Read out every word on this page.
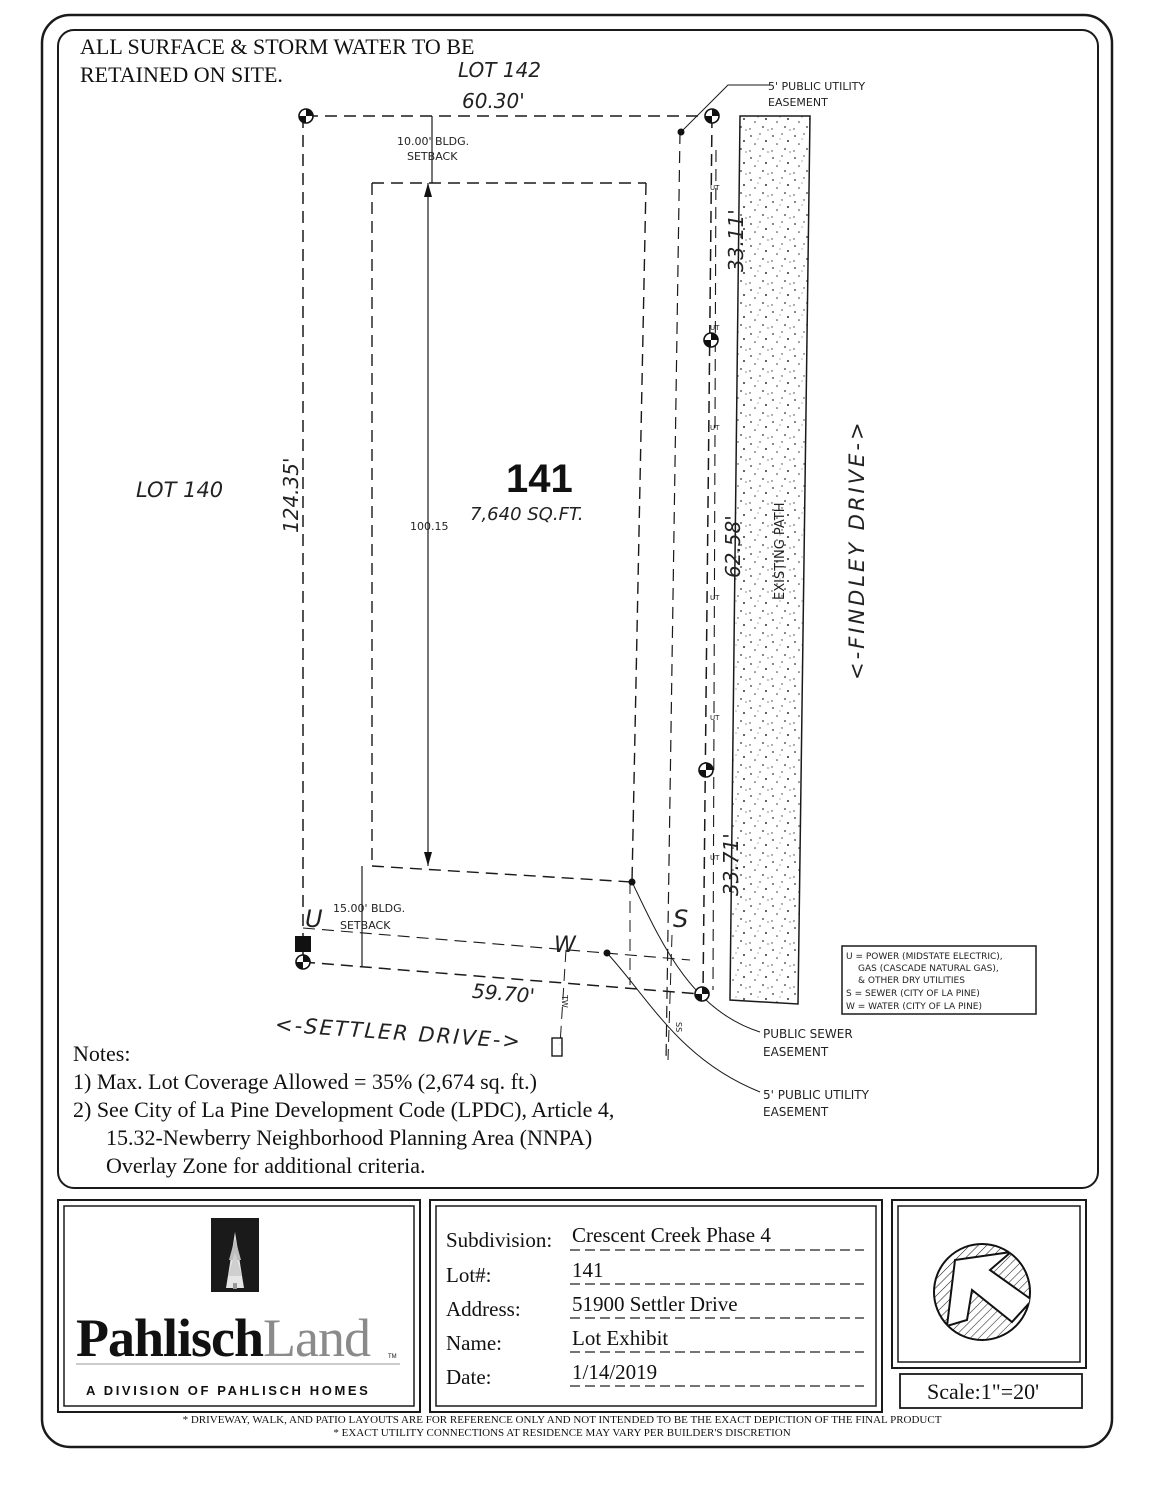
ALL SURFACE & STORM WATER TO BE
RETAINED ON SITE.	LOT 142
UT
UT
UT
UT
UT
UT
TW
SS
EXISTING PATH
60.30'
10.00' BLDG.
SETBACK
124.35'
LOT 140	141
7,640 SQ.FT.
100.15
33.11'
62.58'
33.71'
5' PUBLIC UTILITY
EASEMENT
<-FINDLEY DRIVE->
U 15.00' BLDG.
SETBACK
W
S
59.70'
<-SETTLER DRIVE->	PUBLIC SEWER
EASEMENT
5' PUBLIC UTILITY
EASEMENT
U = POWER (MIDSTATE ELECTRIC),
GAS (CASCADE NATURAL GAS),
& OTHER DRY UTILITIES
S = SEWER (CITY OF LA PINE)
W = WATER (CITY OF LA PINE)
Notes:
1) Max. Lot Coverage Allowed = 35% (2,674 sq. ft.)
2) See City of La Pine Development Code (LPDC), Article 4,
15.32-Newberry Neighborhood Planning Area (NNPA)
Overlay Zone for additional criteria.
PahlischLand	TM
A DIVISION OF PAHLISCH HOMES
Subdivision: Crescent Creek Phase 4
Lot#:	141
Address: 51900 Settler Drive
Name:	Lot Exhibit
Date:	1/14/2019
Scale:1"=20'
* DRIVEWAY, WALK, AND PATIO LAYOUTS ARE FOR REFERENCE ONLY AND NOT INTENDED TO BE THE EXACT DEPICTION OF THE FINAL PRODUCT
* EXACT UTILITY CONNECTIONS AT RESIDENCE MAY VARY PER BUILDER'S DISCRETION
